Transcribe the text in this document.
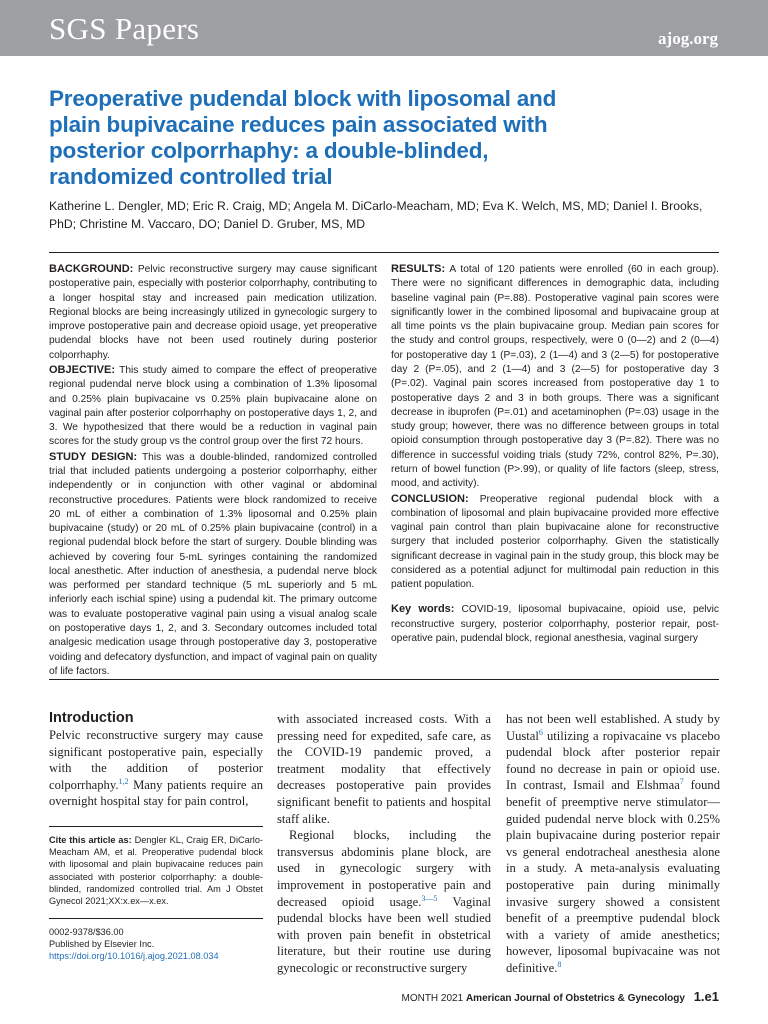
SGS Papers	ajog.org
Preoperative pudendal block with liposomal and plain bupivacaine reduces pain associated with posterior colporrhaphy: a double-blinded, randomized controlled trial
Katherine L. Dengler, MD; Eric R. Craig, MD; Angela M. DiCarlo-Meacham, MD; Eva K. Welch, MS, MD; Daniel I. Brooks, PhD; Christine M. Vaccaro, DO; Daniel D. Gruber, MS, MD

BACKGROUND: Pelvic reconstructive surgery may cause significant postoperative pain, especially with posterior colporrhaphy, contributing to a longer hospital stay and increased pain medication utilization. Regional blocks are being increasingly utilized in gynecologic surgery to improve postoperative pain and decrease opioid usage, yet preoperative pudendal blocks have not been used routinely during posterior colporrhaphy.

OBJECTIVE: This study aimed to compare the effect of preoperative regional pudendal nerve block using a combination of 1.3% liposomal and 0.25% plain bupivacaine vs 0.25% plain bupivacaine alone on vaginal pain after posterior colporrhaphy on postoperative days 1, 2, and 3. We hypothesized that there would be a reduction in vaginal pain scores for the study group vs the control group over the first 72 hours.

STUDY DESIGN: This was a double-blinded, randomized controlled trial that included patients undergoing a posterior colporrhaphy, either independently or in conjunction with other vaginal or abdominal reconstructive procedures. Patients were block randomized to receive 20 mL of either a combination of 1.3% liposomal and 0.25% plain bupivacaine (study) or 20 mL of 0.25% plain bupivacaine (control) in a regional pudendal block before the start of surgery. Double blinding was achieved by covering four 5-mL syringes containing the randomized local anesthetic. After induction of anesthesia, a pudendal nerve block was performed per standard technique (5 mL superiorly and 5 mL inferiorly each ischial spine) using a pudendal kit. The primary outcome was to evaluate postoperative vaginal pain using a visual analog scale on postoperative days 1, 2, and 3. Secondary outcomes included total analgesic medication usage through postoperative day 3, postoperative voiding and defecatory dysfunction, and impact of vaginal pain on quality of life factors.

RESULTS: A total of 120 patients were enrolled (60 in each group). There were no significant differences in demographic data, including baseline vaginal pain (P=.88). Postoperative vaginal pain scores were significantly lower in the combined liposomal and bupivacaine group at all time points vs the plain bupivacaine group. Median pain scores for the study and control groups, respectively, were 0 (0—2) and 2 (0—4) for postoperative day 1 (P=.03), 2 (1—4) and 3 (2—5) for postoperative day 2 (P=.05), and 2 (1—4) and 3 (2—5) for postoperative day 3 (P=.02). Vaginal pain scores increased from postoperative day 1 to postoperative days 2 and 3 in both groups. There was a significant decrease in ibuprofen (P=.01) and acetaminophen (P=.03) usage in the study group; however, there was no difference between groups in total opioid consumption through postoperative day 3 (P=.82). There was no difference in successful voiding trials (study 72%, control 82%, P=.30), return of bowel function (P>.99), or quality of life factors (sleep, stress, mood, and activity).

CONCLUSION: Preoperative regional pudendal block with a combination of liposomal and plain bupivacaine provided more effective vaginal pain control than plain bupivacaine alone for reconstructive surgery that included posterior colporrhaphy. Given the statistically significant decrease in vaginal pain in the study group, this block may be considered as a potential adjunct for multimodal pain reduction in this patient population.

Key words: COVID-19, liposomal bupivacaine, opioid use, pelvic reconstructive surgery, posterior colporrhaphy, posterior repair, post-operative pain, pudendal block, regional anesthesia, vaginal surgery

Introduction

Pelvic reconstructive surgery may cause significant postoperative pain, especially with the addition of posterior colporrhaphy.$^{1,2}$ Many patients require an overnight hospital stay for pain control,

Cite this article as: Dengler KL, Craig ER, DiCarlo-Meacham AM, et al. Preoperative pudendal block with liposomal and plain bupivacaine reduces pain associated with posterior colporrhaphy: a double-blinded, randomized controlled trial. Am J Obstet Gynecol 2021;XX:x.ex—x.ex.
0002-9378/$36.00
Published by Elsevier Inc.
https://doi.org/10.1016/j.ajog.2021.08.034

with associated increased costs. With a pressing need for expedited, safe care, as the COVID-19 pandemic proved, a treatment modality that effectively decreases postoperative pain provides significant benefit to patients and hospital staff alike.

Regional blocks, including the transversus abdominis plane block, are used in gynecologic surgery with improvement in postoperative pain and decreased opioid usage.$^{3—5}$ Vaginal pudendal blocks have been well studied with proven pain benefit in obstetrical literature, but their routine use during gynecologic or reconstructive surgery

has not been well established. A study by Uustal$^6$ utilizing a ropivacaine vs placebo pudendal block after posterior repair found no decrease in pain or opioid use. In contrast, Ismail and Elshmaa$^7$ found benefit of preemptive nerve stimulator—guided pudendal nerve block with 0.25% plain bupivacaine during posterior repair vs general endotracheal anesthesia alone in a study. A meta-analysis evaluating postoperative pain during minimally invasive surgery showed a consistent benefit of a preemptive pudendal block with a variety of amide anesthetics; however, liposomal bupivacaine was not definitive.$^8$

MONTH 2021 American Journal of Obstetrics & Gynecology 1.e1
